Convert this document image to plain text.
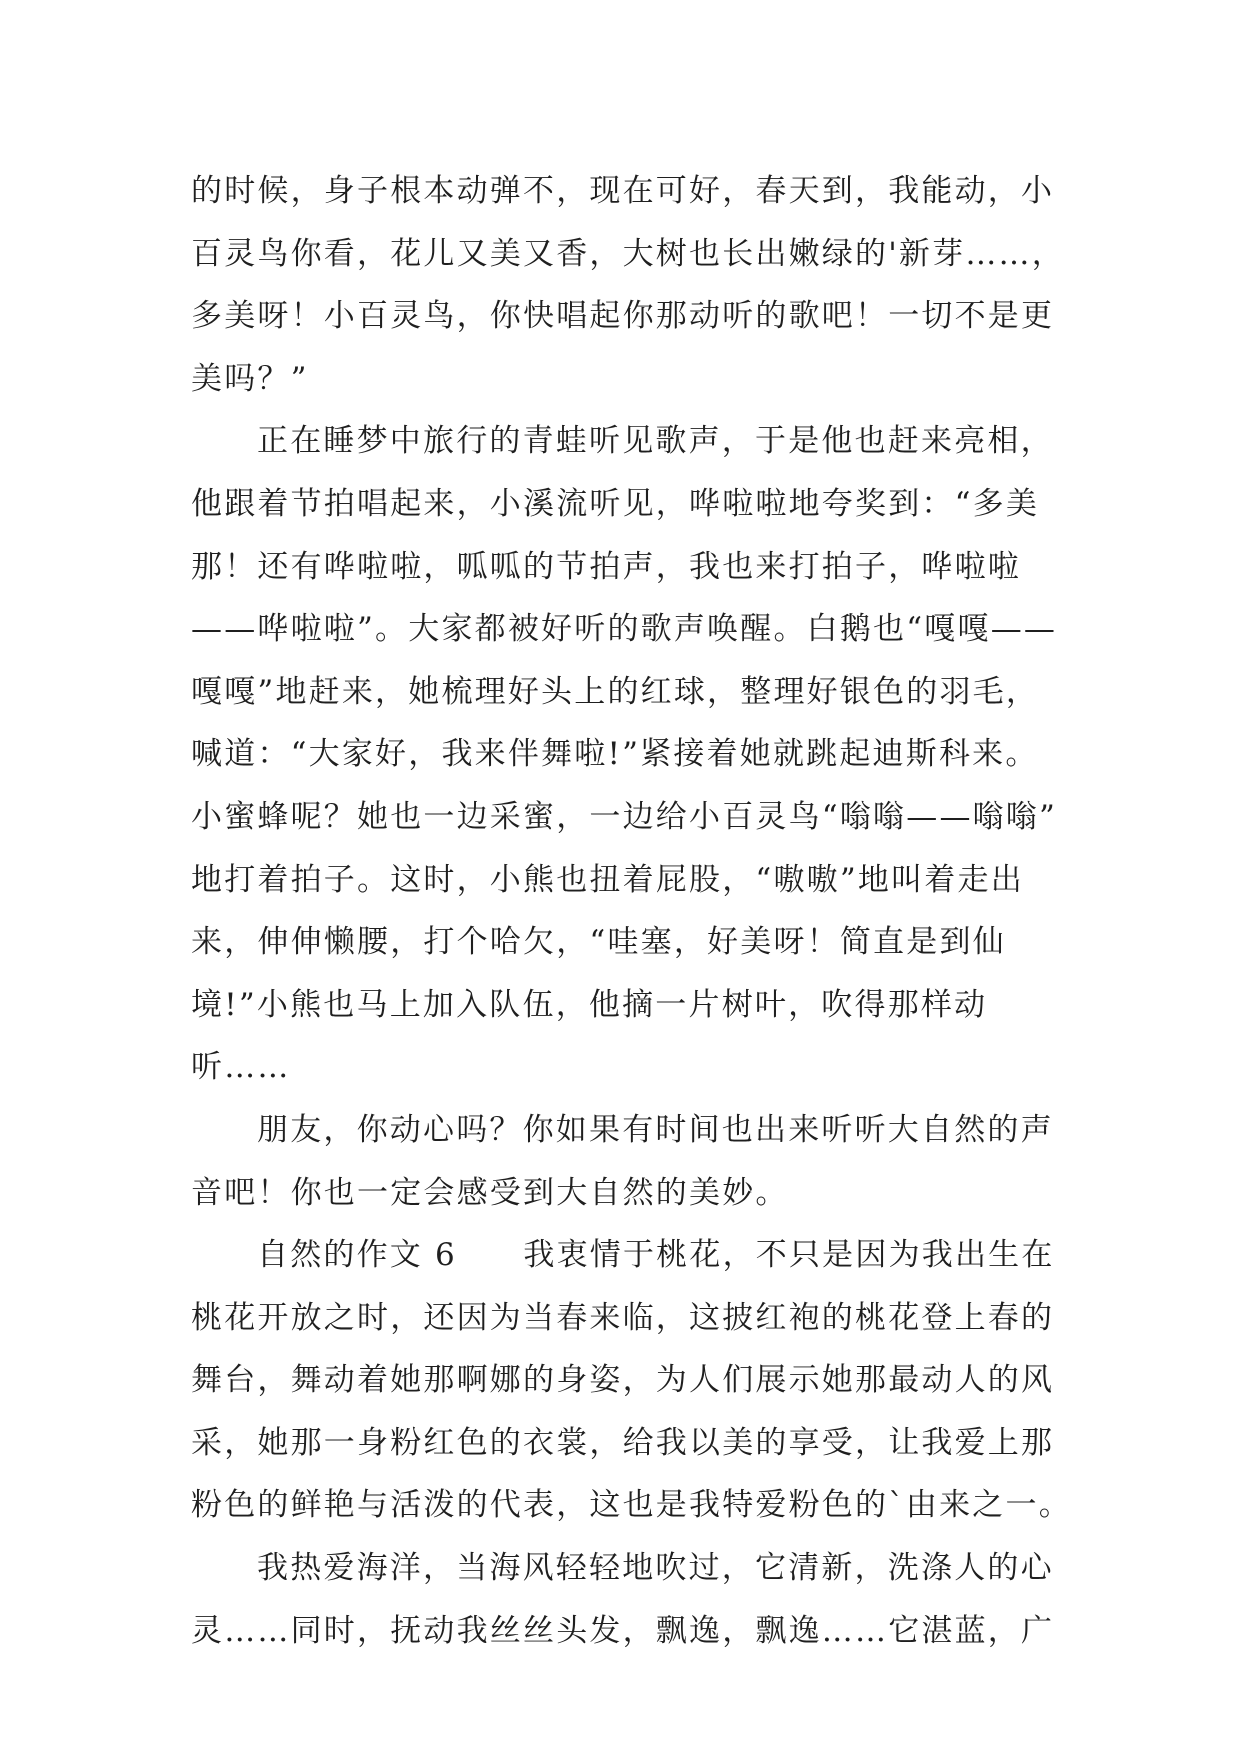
的时候，身子根本动弹不，现在可好，春天到，我能动，小
百灵鸟你看，花儿又美又香，大树也长出嫩绿的'新芽……，
多美呀！小百灵鸟，你快唱起你那动听的歌吧！一切不是更
美吗？”

正在睡梦中旅行的青蛙听见歌声，于是他也赶来亮相，
他跟着节拍唱起来，小溪流听见，哗啦啦地夸奖到：“多美
那！还有哗啦啦，呱呱的节拍声，我也来打拍子，哗啦啦
——哗啦啦”。大家都被好听的歌声唤醒。白鹅也“嘎嘎——
嘎嘎”地赶来，她梳理好头上的红球，整理好银色的羽毛，
喊道：“大家好，我来伴舞啦!”紧接着她就跳起迪斯科来。
小蜜蜂呢？她也一边采蜜，一边给小百灵鸟“嗡嗡——嗡嗡”
地打着拍子。这时，小熊也扭着屁股，“嗷嗷”地叫着走出
来，伸伸懒腰，打个哈欠，“哇塞，好美呀！简直是到仙
境!”小熊也马上加入队伍，他摘一片树叶，吹得那样动
听……

朋友，你动心吗？你如果有时间也出来听听大自然的声
音吧！你也一定会感受到大自然的美妙。

自然的作文 6　　我衷情于桃花，不只是因为我出生在
桃花开放之时，还因为当春来临，这披红袍的桃花登上春的
舞台，舞动着她那啊娜的身姿，为人们展示她那最动人的风
采，她那一身粉红色的衣裳，给我以美的享受，让我爱上那
粉色的鲜艳与活泼的代表，这也是我特爱粉色的`由来之一。

我热爱海洋，当海风轻轻地吹过，它清新，洗涤人的心
灵……同时，抚动我丝丝头发，飘逸，飘逸……它湛蓝，广
